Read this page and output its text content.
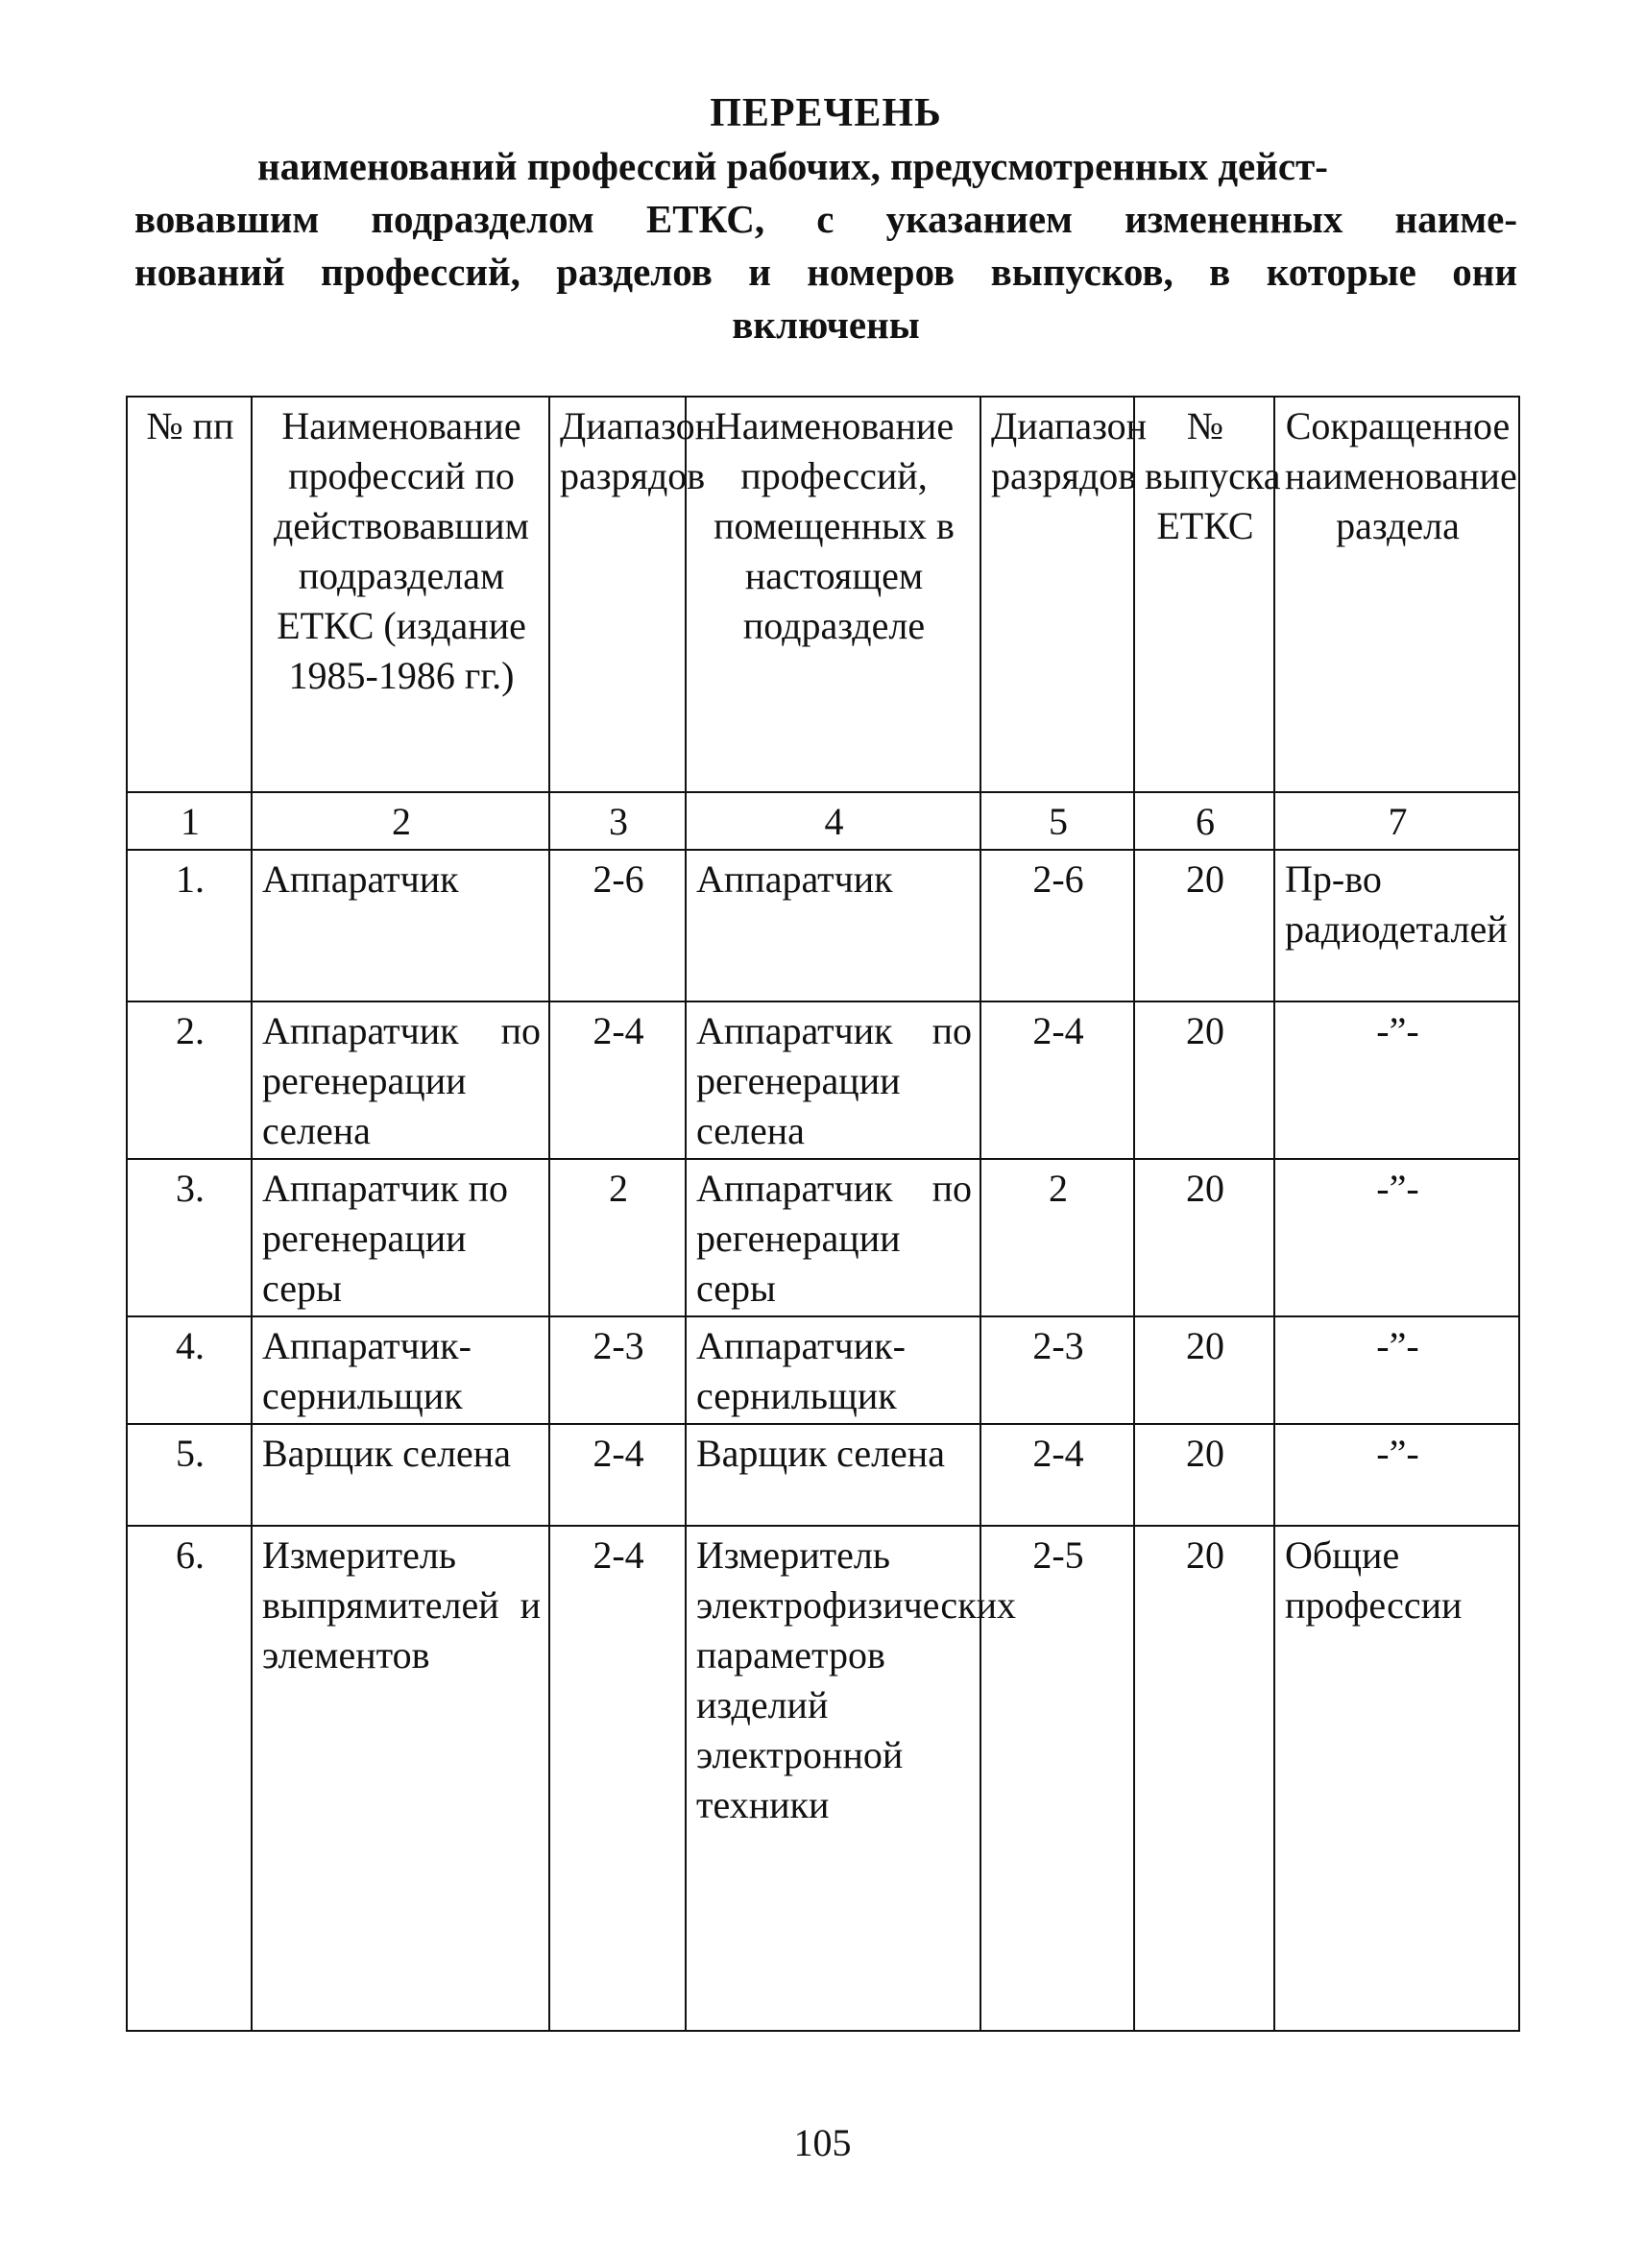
ПЕРЕЧЕНЬ
наименований профессий рабочих, предусмотренных дейст-
вовавшим подразделом ЕТКС, с указанием измененных наиме-
нований профессий, разделов и номеров выпусков, в которые они
включены
№ пп	Наименование профессий по действовавшим подразделам ЕТКС (издание 1985-1986 гг.)	Диапазон разрядов	Наименование профессий, помещенных в настоящем подразделе	Диапазон разрядов	№ выпуска ЕТКС	Сокращенное наименование раздела
1	2	3	4	5	6	7
1.	Аппаратчик	2-6	Аппаратчик	2-6	20	Пр-во радиодеталей
2.	Аппаратчик по регенерации селена	2-4	Аппаратчик по регенерации селена	2-4	20	-”-
3.	Аппаратчик по регенерации серы	2	Аппаратчик по регенерации серы	2	20	-”-
4.	Аппаратчик-сернильщик	2-3	Аппаратчик-сернильщик	2-3	20	-”-
5.	Варщик селена	2-4	Варщик селена	2-4	20	-”-
6.	Измеритель выпрямителей и элементов	2-4	Измеритель электрофизических параметров изделий электронной техники	2-5	20	Общие профессии
105
